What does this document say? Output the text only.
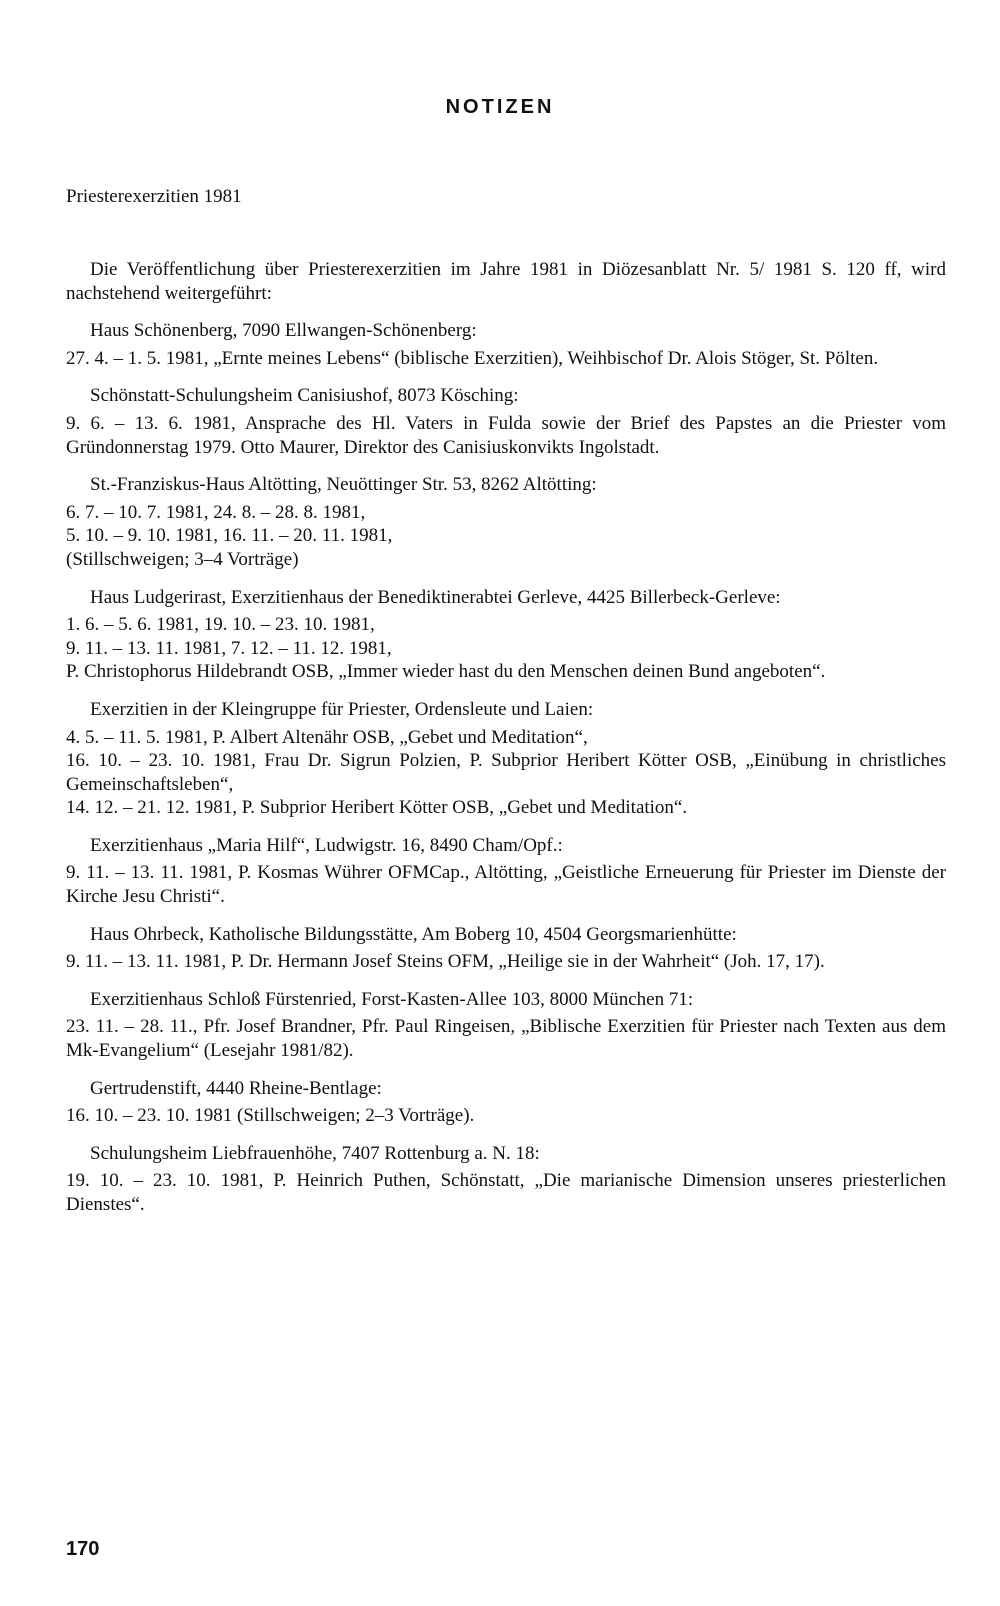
NOTIZEN
Priesterexerzitien 1981

Die Veröffentlichung über Priesterexerzitien im Jahre 1981 in Diözesanblatt Nr. 5/ 1981 S. 120 ff, wird nachstehend weitergeführt:

Haus Schönenberg, 7090 Ellwangen-Schönenberg:

27. 4. – 1. 5. 1981, „Ernte meines Lebens“ (biblische Exerzitien), Weihbischof Dr. Alois Stöger, St. Pölten.

Schönstatt-Schulungsheim Canisiushof, 8073 Kösching:

9. 6. – 13. 6. 1981, Ansprache des Hl. Vaters in Fulda sowie der Brief des Papstes an die Priester vom Gründonnerstag 1979. Otto Maurer, Direktor des Canisiuskonvikts Ingolstadt.

St.-Franziskus-Haus Altötting, Neuöttinger Str. 53, 8262 Altötting:

6. 7. – 10. 7. 1981, 24. 8. – 28. 8. 1981,

5. 10. – 9. 10. 1981, 16. 11. – 20. 11. 1981,

(Stillschweigen; 3–4 Vorträge)

Haus Ludgerirast, Exerzitienhaus der Benediktinerabtei Gerleve, 4425 Billerbeck-Gerleve:

1. 6. – 5. 6. 1981, 19. 10. – 23. 10. 1981,

9. 11. – 13. 11. 1981, 7. 12. – 11. 12. 1981,

P. Christophorus Hildebrandt OSB, „Immer wieder hast du den Menschen deinen Bund angeboten“.

Exerzitien in der Kleingruppe für Priester, Ordensleute und Laien:

4. 5. – 11. 5. 1981, P. Albert Altenähr OSB, „Gebet und Meditation“,

16. 10. – 23. 10. 1981, Frau Dr. Sigrun Polzien, P. Subprior Heribert Kötter OSB, „Einübung in christliches Gemeinschaftsleben“,

14. 12. – 21. 12. 1981, P. Subprior Heribert Kötter OSB, „Gebet und Meditation“.

Exerzitienhaus „Maria Hilf“, Ludwigstr. 16, 8490 Cham/Opf.:

9. 11. – 13. 11. 1981, P. Kosmas Wührer OFMCap., Altötting, „Geistliche Erneuerung für Priester im Dienste der Kirche Jesu Christi“.

Haus Ohrbeck, Katholische Bildungsstätte, Am Boberg 10, 4504 Georgsmarienhütte:

9. 11. – 13. 11. 1981, P. Dr. Hermann Josef Steins OFM, „Heilige sie in der Wahrheit“ (Joh. 17, 17).

Exerzitienhaus Schloß Fürstenried, Forst-Kasten-Allee 103, 8000 München 71:

23. 11. – 28. 11., Pfr. Josef Brandner, Pfr. Paul Ringeisen, „Biblische Exerzitien für Priester nach Texten aus dem Mk-Evangelium“ (Lesejahr 1981/82).

Gertrudenstift, 4440 Rheine-Bentlage:

16. 10. – 23. 10. 1981 (Stillschweigen; 2–3 Vorträge).

Schulungsheim Liebfrauenhöhe, 7407 Rottenburg a. N. 18:

19. 10. – 23. 10. 1981, P. Heinrich Puthen, Schönstatt, „Die marianische Dimension unseres priesterlichen Dienstes“.

170
